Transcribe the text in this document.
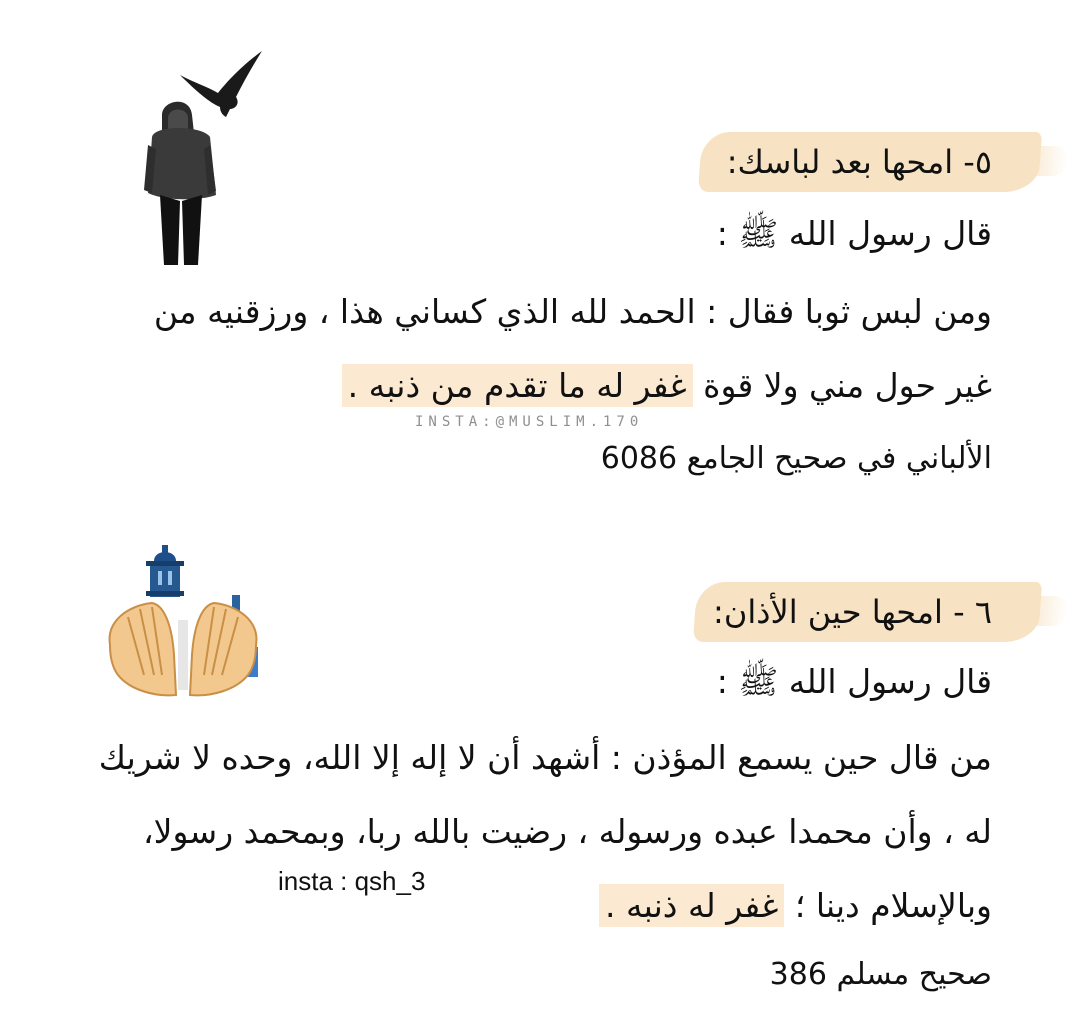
٥- امحها بعد لباسك:
قال رسول الله ﷺ :
ومن لبس ثوبا فقال : الحمد لله الذي كساني هذا ، ورزقنيه من
غير حول مني ولا قوة غفر له ما تقدم من ذنبه .
INSTA:@MUSLIM.170
الألباني في صحيح الجامع 6086
٦ - امحها حين الأذان:
قال رسول الله ﷺ :
من قال حين يسمع المؤذن : أشهد أن لا إله إلا الله، وحده لا شريك
له ، وأن محمدا عبده ورسوله ، رضيت بالله ربا، وبمحمد رسولا،
insta : qsh_3
وبالإسلام دينا ؛ غفر له ذنبه .
صحيح مسلم 386
